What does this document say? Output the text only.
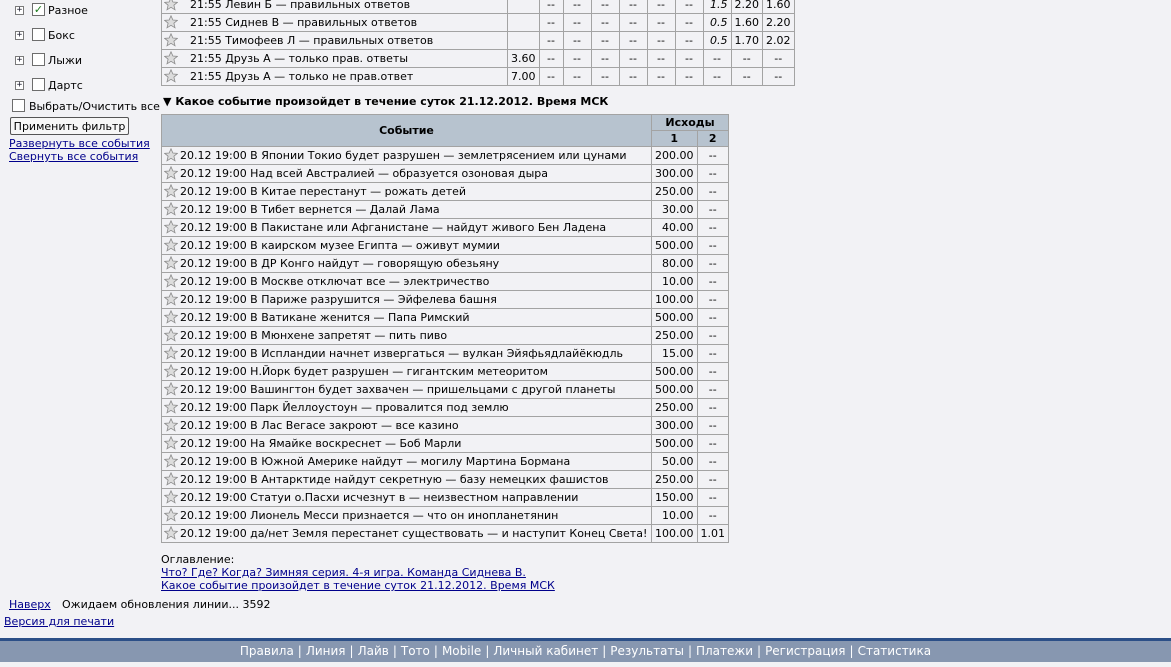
+ ✓ Разное
+ Бокс
+ Лыжи
+ Дартс
Выбрать/Очистить все
Применить фильтр
Развернуть все события
Свернуть все события
21:55 Левин Б — правильных ответов		--	--	--	--	--	--	1.5	2.20	1.60
21:55 Сиднев В — правильных ответов		--	--	--	--	--	--	0.5	1.60	2.20
21:55 Тимофеев Л — правильных ответов		--	--	--	--	--	--	0.5	1.70	2.02
21:55 Друзь А — только прав. ответы	3.60	--	--	--	--	--	--	--	--	--
21:55 Друзь А — только не прав.ответ	7.00	--	--	--	--	--	--	--	--	--
▼ Какое событие произойдет в течение суток 21.12.2012. Время МСК
Событие	Исходы	
	1	2
20.12 19:00 В Японии Токио будет разрушен — землетрясением или цунами	200.00	--
20.12 19:00 Над всей Австралией — образуется озоновая дыра	300.00	--
20.12 19:00 В Китае перестанут — рожать детей	250.00	--
20.12 19:00 В Тибет вернется — Далай Лама	30.00	--
20.12 19:00 В Пакистане или Афганистане — найдут живого Бен Ладена	40.00	--
20.12 19:00 В каирском музее Египта — оживут мумии	500.00	--
20.12 19:00 В ДР Конго найдут — говорящую обезьяну	80.00	--
20.12 19:00 В Москве отключат все — электричество	10.00	--
20.12 19:00 В Париже разрушится — Эйфелева башня	100.00	--
20.12 19:00 В Ватикане женится — Папа Римский	500.00	--
20.12 19:00 В Мюнхене запретят — пить пиво	250.00	--
20.12 19:00 В Испландии начнет извергаться — вулкан Эйяфьядлайёкюдль	15.00	--
20.12 19:00 Н.Йорк будет разрушен — гигантским метеоритом	500.00	--
20.12 19:00 Вашингтон будет захвачен — пришельцами с другой планеты	500.00	--
20.12 19:00 Парк Йеллоустоун — провалится под землю	250.00	--
20.12 19:00 В Лас Вегасе закроют — все казино	300.00	--
20.12 19:00 На Ямайке воскреснет — Боб Марли	500.00	--
20.12 19:00 В Южной Америке найдут — могилу Мартина Бормана	50.00	--
20.12 19:00 В Антарктиде найдут секретную — базу немецких фашистов	250.00	--
20.12 19:00 Статуи о.Пасхи исчезнут в — неизвестном направлении	150.00	--
20.12 19:00 Лионель Месси признается — что он инопланетянин	10.00	--
20.12 19:00 да/нет Земля перестанет существовать — и наступит Конец Света!	100.00	1.01
Оглавление:
Что? Где? Когда? Зимняя серия. 4-я игра. Команда Сиднева В.
Какое событие произойдет в течение суток 21.12.2012. Время МСК
Наверх Ожидаем обновления линии... 3592
Версия для печати
Правила | Линия | Лайв | Тото | Mobile | Личный кабинет | Результаты | Платежи | Регистрация | Статистика
